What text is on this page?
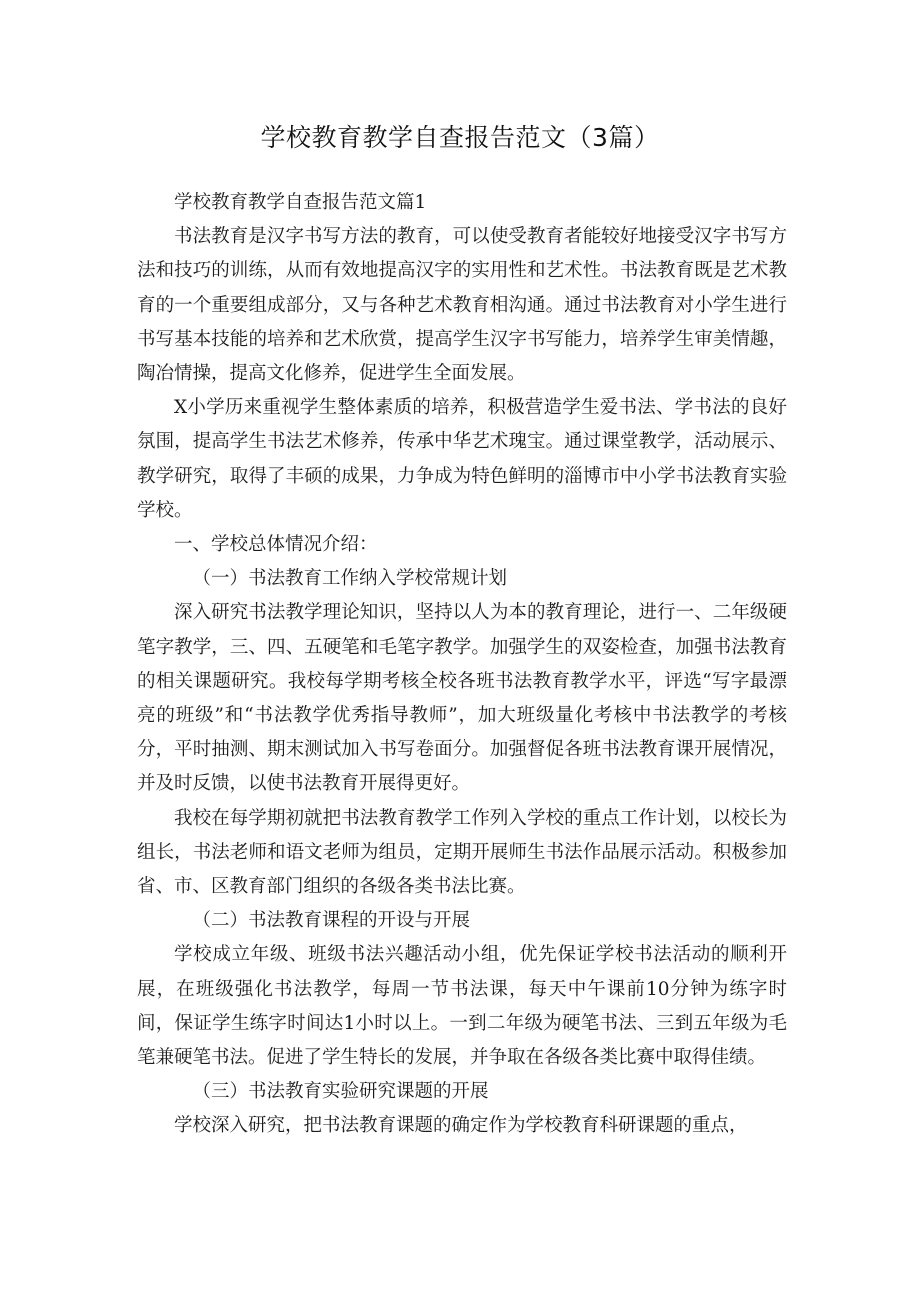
学校教育教学自查报告范文（3篇）

学校教育教学自查报告范文篇1

书法教育是汉字书写方法的教育，可以使受教育者能较好地接受汉字书写方法和技巧的训练，从而有效地提高汉字的实用性和艺术性。书法教育既是艺术教育的一个重要组成部分，又与各种艺术教育相沟通。通过书法教育对小学生进行书写基本技能的培养和艺术欣赏，提高学生汉字书写能力，培养学生审美情趣，陶冶情操，提高文化修养，促进学生全面发展。

X小学历来重视学生整体素质的培养，积极营造学生爱书法、学书法的良好氛围，提高学生书法艺术修养，传承中华艺术瑰宝。通过课堂教学，活动展示、教学研究，取得了丰硕的成果，力争成为特色鲜明的淄博市中小学书法教育实验学校。

一、学校总体情况介绍：

（一）书法教育工作纳入学校常规计划

深入研究书法教学理论知识，坚持以人为本的教育理论，进行一、二年级硬笔字教学，三、四、五硬笔和毛笔字教学。加强学生的双姿检查，加强书法教育的相关课题研究。我校每学期考核全校各班书法教育教学水平，评选“写字最漂亮的班级”和“书法教学优秀指导教师”，加大班级量化考核中书法教学的考核分，平时抽测、期末测试加入书写卷面分。加强督促各班书法教育课开展情况，并及时反馈，以使书法教育开展得更好。

我校在每学期初就把书法教育教学工作列入学校的重点工作计划，以校长为组长，书法老师和语文老师为组员，定期开展师生书法作品展示活动。积极参加省、市、区教育部门组织的各级各类书法比赛。

（二）书法教育课程的开设与开展

学校成立年级、班级书法兴趣活动小组，优先保证学校书法活动的顺利开展，在班级强化书法教学，每周一节书法课，每天中午课前10分钟为练字时间，保证学生练字时间达1小时以上。一到二年级为硬笔书法、三到五年级为毛笔兼硬笔书法。促进了学生特长的发展，并争取在各级各类比赛中取得佳绩。

（三）书法教育实验研究课题的开展

学校深入研究，把书法教育课题的确定作为学校教育科研课题的重点，
